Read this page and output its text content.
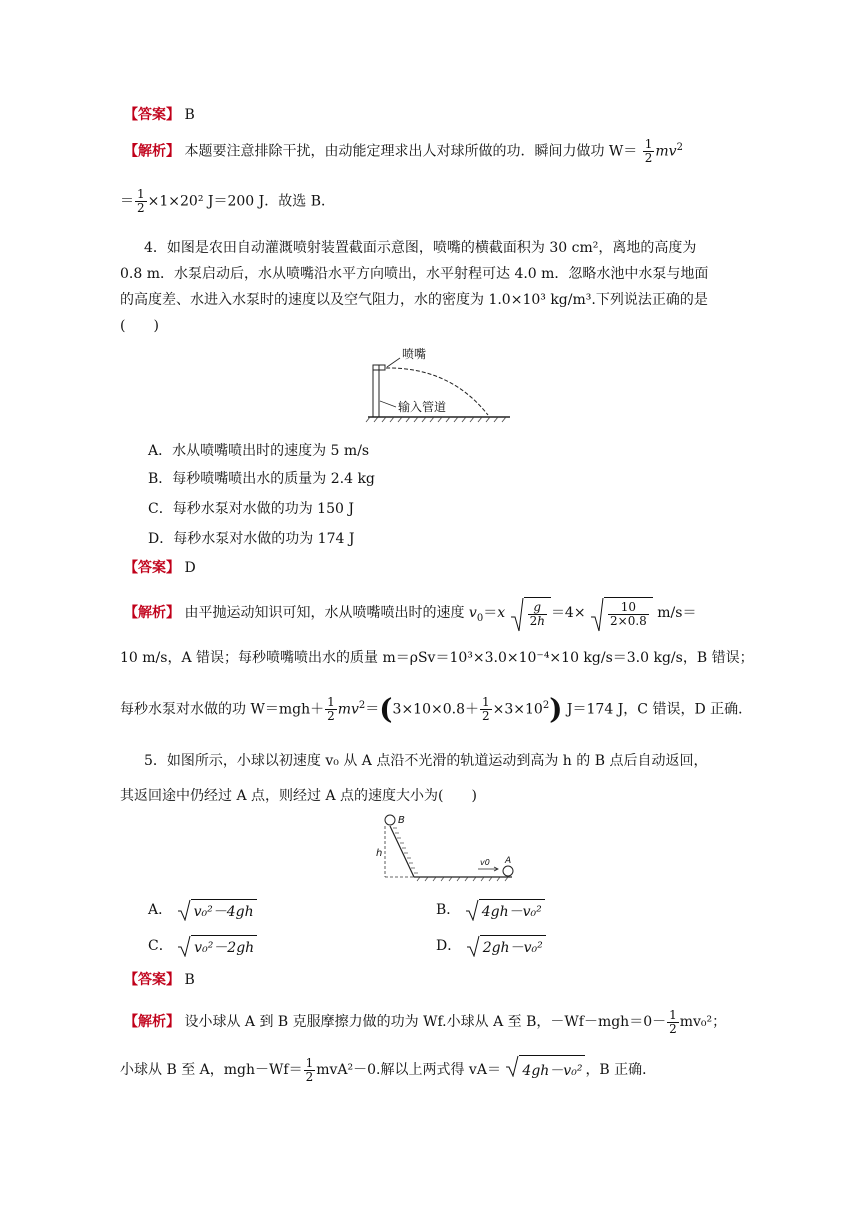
【答案】 B
【解析】 本题要注意排除干扰，由动能定理求出人对球所做的功．瞬间力做功 $W= \frac{1}{2} mv^2$
＝ $\frac{1}{2} \times 1\times 20^2$ J＝200 J．故选 B．
4．如图是农田自动灌溉喷射装置截面示意图，喷嘴的横截面积为 30 cm²，离地的高度为
0.8 m．水泵启动后，水从喷嘴沿水平方向喷出，水平射程可达 4.0 m．忽略水池中水泵与地面
的高度差、水进入水泵时的速度以及空气阻力，水的密度为 1.0×10³ kg/m³.下列说法正确的是
(　　)
喷嘴
输入管道
A．水从喷嘴喷出时的速度为 5 m/s
B．每秒喷嘴喷出水的质量为 2.4 kg
C．每秒水泵对水做的功为 150 J
D．每秒水泵对水做的功为 174 J
【答案】 D
【解析】 由平抛运动知识可知，水从喷嘴喷出时的速度 $v_0=x \frac{g}{2h} =4\times \frac{10}{2\times 0.8} m/s=$
10 m/s，A 错误；每秒喷嘴喷出水的质量 m＝ρSv＝10³×3.0×10⁻⁴×10 kg/s＝3.0 kg/s，B 错误；
每秒水泵对水做的功 $W=mgh+ \frac{1}{2} mv^2=(3\times 10\times 0.8+ \frac{1}{2} \times 3\times 10^2)$ J＝174 J，C 错误，D 正确．
5．如图所示，小球以初速度 v₀ 从 A 点沿不光滑的轨道运动到高为 h 的 B 点后自动返回，
其返回途中仍经过 A 点，则经过 A 点的速度大小为(　　)
B
h
A
v0
A． v₀²－4gh	B． 4gh－v₀²
C． v₀²－2gh	D． 2gh－v₀²
【答案】 B
【解析】 设小球从 A 到 B 克服摩擦力做的功为 Wf.小球从 A 至 B，$-Wf-mgh=0- \frac{1}{2} mv_0^2$；
小球从 B 至 A，$mgh-Wf= \frac{1}{2} mvA^2-0$.解以上两式得 vA＝ 4gh－v₀² ，B 正确．
